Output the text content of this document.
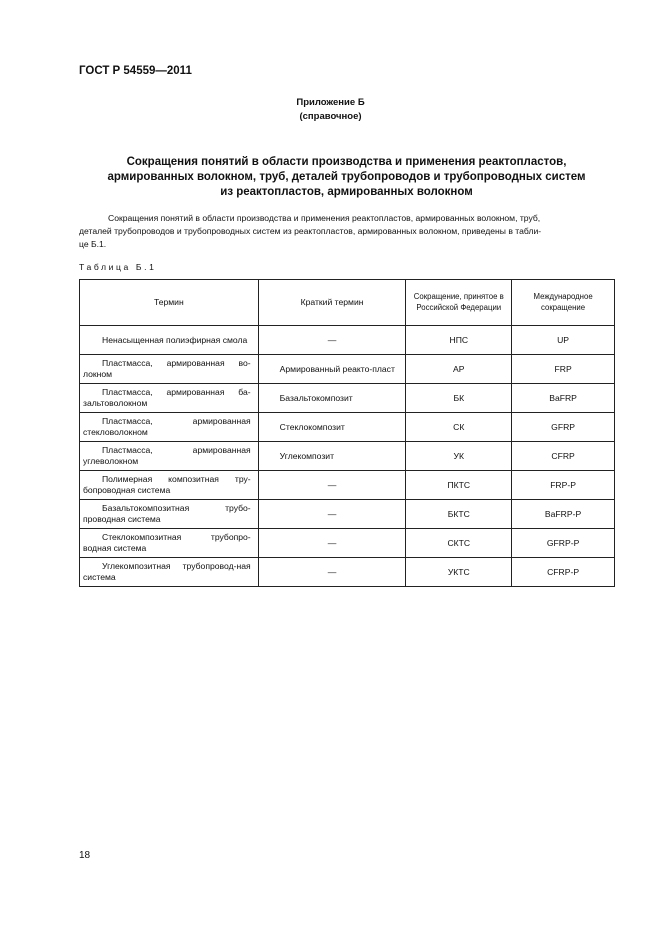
ГОСТ Р 54559—2011
Приложение Б
(справочное)
Сокращения понятий в области производства и применения реактопластов,
армированных волокном, труб, деталей трубопроводов и трубопроводных систем
из реактопластов, армированных волокном
Сокращения понятий в области производства и применения реактопластов, армированных волокном, труб,
деталей трубопроводов и трубопроводных систем из реактопластов, армированных волокном, приведены в табли-
це Б.1.
Таблица Б.1
Термин	Краткий термин	Сокращение, принятое в Российской Федерации	Международное сокращение

Ненасыщенная полиэфирная смола	—	НПС	UP

Пластмасса, армированная во-локном	Армированный реакто-пласт	АР	FRP

Пластмасса, армированная ба-зальтоволокном	Базальтокомпозит	БК	BaFRP

Пластмасса, армированная стекловолокном	Стеклокомпозит	СК	GFRP

Пластмасса, армированная углеволокном	Углекомпозит	УК	CFRP

Полимерная композитная тру-бопроводная система	—	ПКТС	FRP-P

Базальтокомпозитная трубо-проводная система	—	БКТС	BaFRP-P

Стеклокомпозитная трубопро-водная система	—	СКТС	GFRP-P

Углекомпозитная трубопровод-ная система	—	УКТС	CFRP-P
18
